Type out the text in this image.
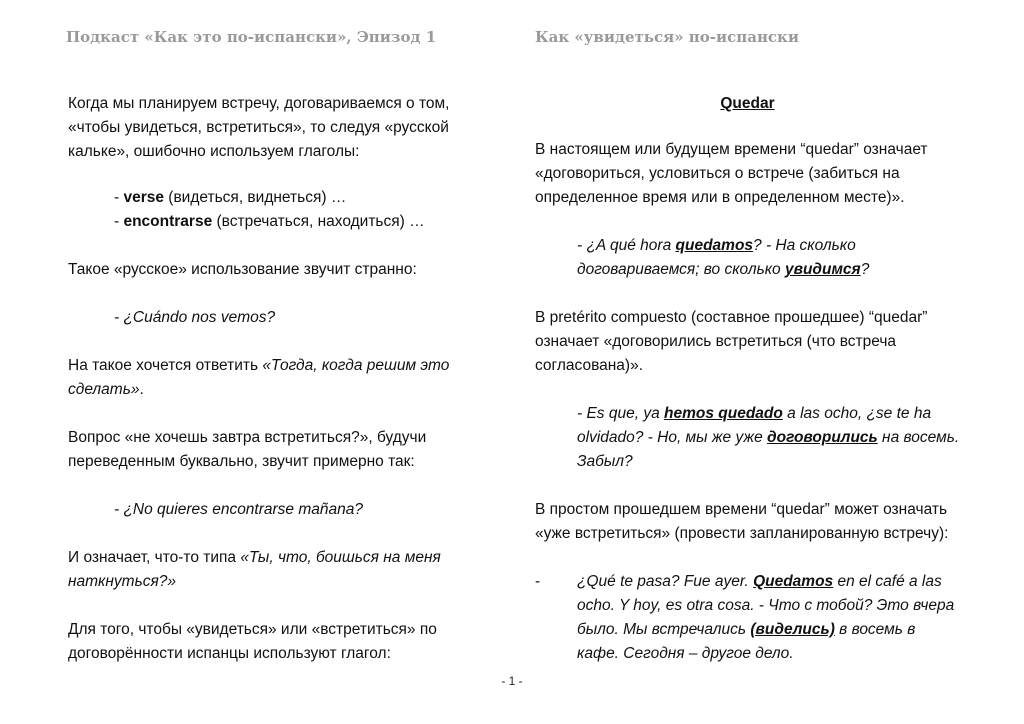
Подкаст «Как это по-испански», Эпизод 1	Как «увидеться» по-испански
Когда мы планируем встречу, договариваемся о том, «чтобы увидеться, встретиться», то следуя «русской кальке», ошибочно используем глаголы:
- verse (видеться, виднеться) …
- encontrarse (встречаться, находиться) …
Такое «русское» использование звучит странно:
- ¿Cuándo nos vemos?
На такое хочется ответить «Тогда, когда решим это сделать».
Вопрос «не хочешь завтра встретиться?», будучи переведенным буквально, звучит примерно так:
- ¿No quieres encontrarse mañana?
И означает, что-то типа «Ты, что, боишься на меня наткнуться?»
Для того, чтобы «увидеться» или «встретиться» по договорённости испанцы используют глагол:
Quedar
В настоящем или будущем времени “quedar” означает «договориться, условиться о встрече (забиться на определенное время или в определенном месте)».
- ¿A qué hora quedamos? - На сколько договариваемся; во сколько увидимся?
В pretérito compuesto (составное прошедшее) “quedar” означает «договорились встретиться (что встреча согласована)».
- Es que, ya hemos quedado a las ocho, ¿se te ha olvidado? - Но, мы же уже договорились на восемь. Забыл?
В простом прошедшем времени “quedar” может означать «уже встретиться» (провести запланированную встречу):
- ¿Qué te pasa? Fue ayer. Quedamos en el café a las ocho. Y hoy, es otra cosa. - Что с тобой? Это вчера было. Мы встречались (виделись) в восемь в кафе. Сегодня – другое дело.
- 1 -
